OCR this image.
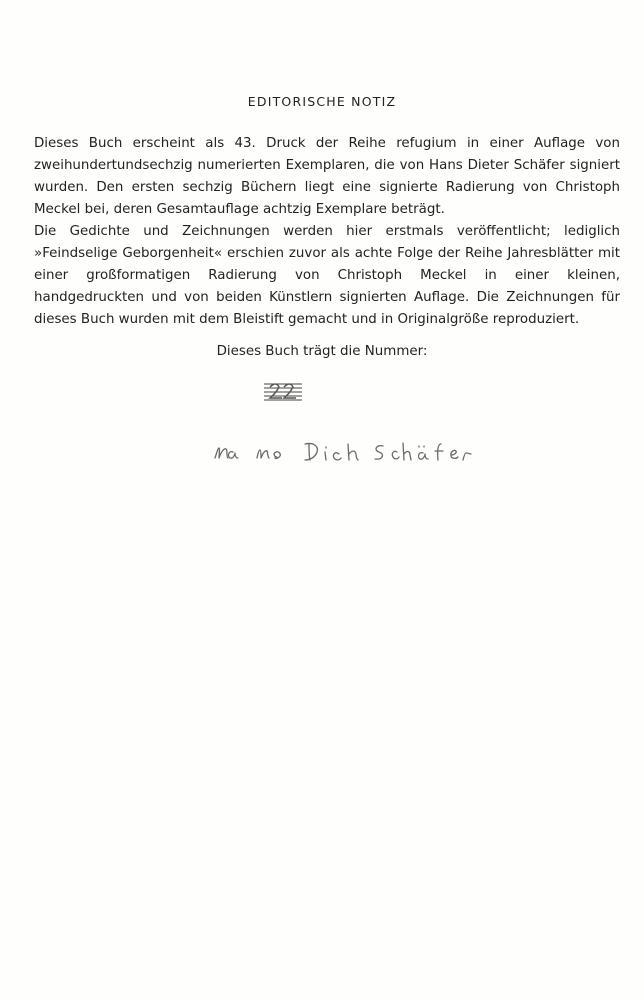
EDITORISCHE NOTIZ

Dieses Buch erscheint als 43. Druck der Reihe refugium in einer Auflage von zweihundertundsechzig numerierten Exemplaren, die von Hans Dieter Schäfer signiert wurden. Den ersten sechzig Büchern liegt eine signierte Radierung von Christoph Meckel bei, deren Gesamtauflage achtzig Exemplare beträgt.

Die Gedichte und Zeichnungen werden hier erstmals veröffentlicht; lediglich »Feindselige Geborgenheit« erschien zuvor als achte Folge der Reihe Jahresblätter mit einer großformatigen Radierung von Christoph Meckel in einer kleinen, handgedruckten und von beiden Künstlern signierten Auflage. Die Zeichnungen für dieses Buch wurden mit dem Bleistift gemacht und in Originalgröße reproduziert.

Dieses Buch trägt die Nummer:
